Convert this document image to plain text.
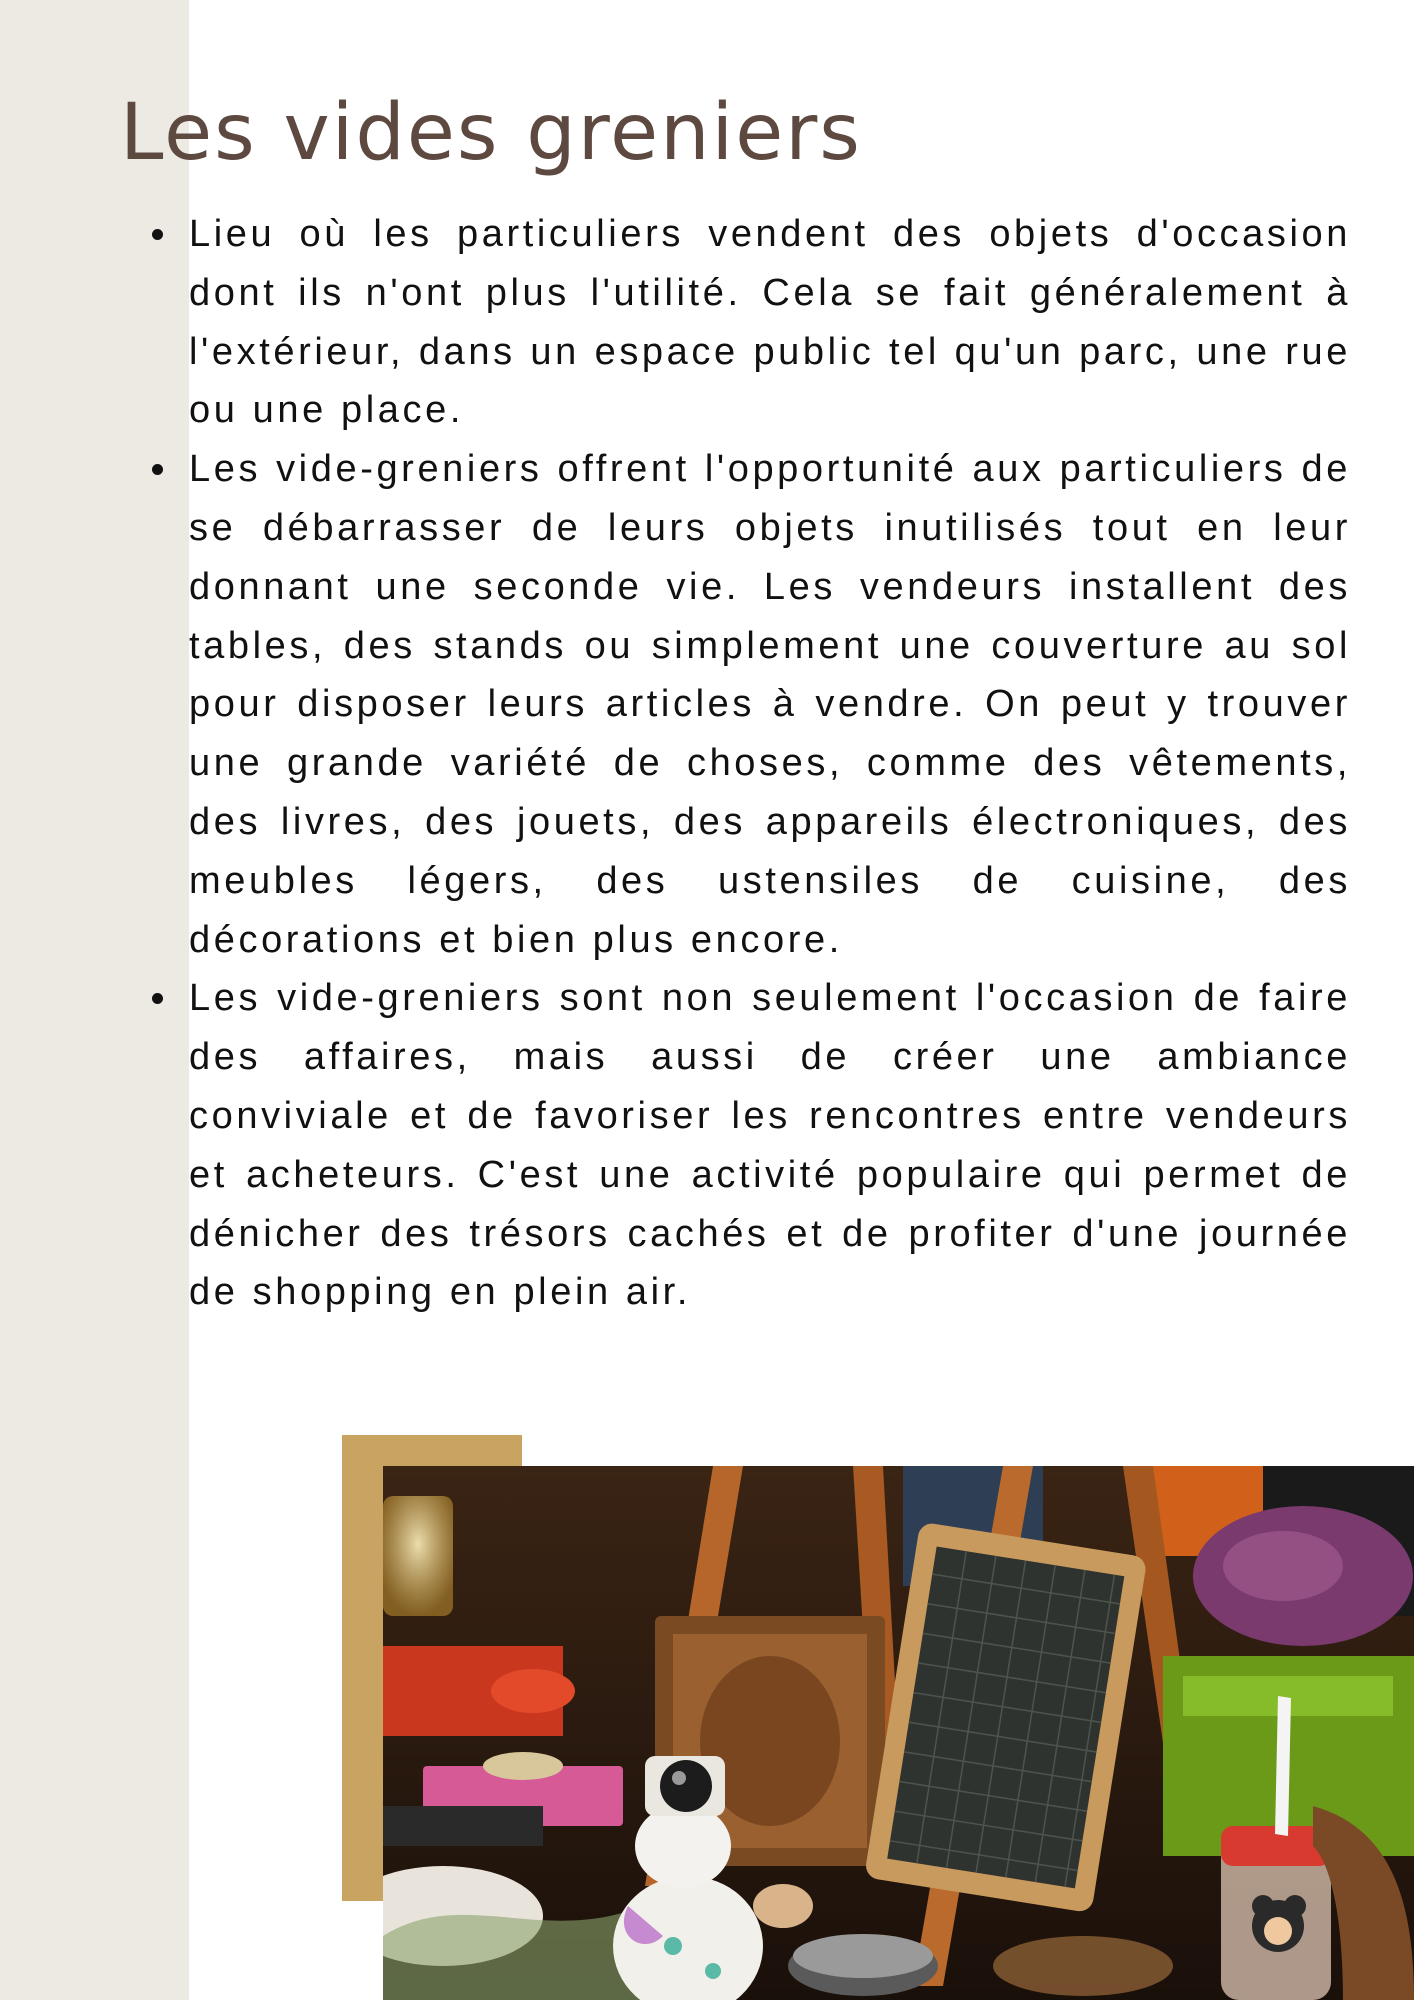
Les vides greniers
Lieu où les particuliers vendent des objets d'occasion dont ils n'ont plus l'utilité. Cela se fait généralement à l'extérieur, dans un espace public tel qu'un parc, une rue ou une place.
Les vide-greniers offrent l'opportunité aux particuliers de se débarrasser de leurs objets inutilisés tout en leur donnant une seconde vie. Les vendeurs installent des tables, des stands ou simplement une couverture au sol pour disposer leurs articles à vendre. On peut y trouver une grande variété de choses, comme des vêtements, des livres, des jouets, des appareils électroniques, des meubles légers, des ustensiles de cuisine, des décorations et bien plus encore.
Les vide-greniers sont non seulement l'occasion de faire des affaires, mais aussi de créer une ambiance conviviale et de favoriser les rencontres entre vendeurs et acheteurs. C'est une activité populaire qui permet de dénicher des trésors cachés et de profiter d'une journée de shopping en plein air.
